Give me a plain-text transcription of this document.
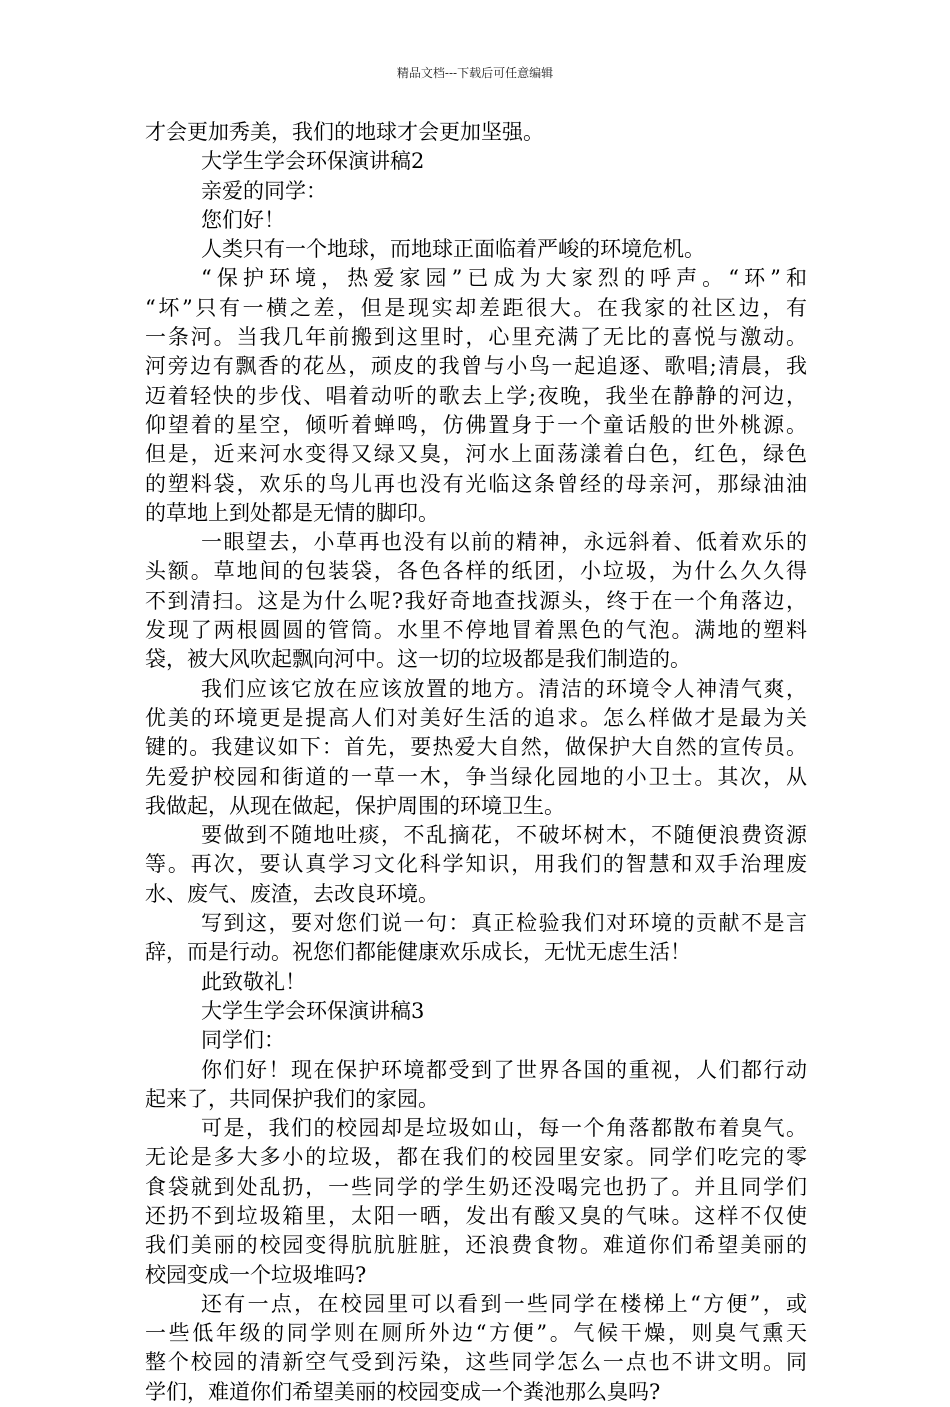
精品文档---下载后可任意编辑
才会更加秀美，我们的地球才会更加坚强。
大学生学会环保演讲稿2
亲爱的同学：
您们好！
人类只有一个地球，而地球正面临着严峻的环境危机。
“保护环境，热爱家园”已成为大家烈的呼声。“环”和
“坏”只有一横之差，但是现实却差距很大。在我家的社区边，有
一条河。当我几年前搬到这里时，心里充满了无比的喜悦与激动。
河旁边有飘香的花丛，顽皮的我曾与小鸟一起追逐、歌唱;清晨，我
迈着轻快的步伐、唱着动听的歌去上学;夜晚，我坐在静静的河边，
仰望着的星空，倾听着蝉鸣，仿佛置身于一个童话般的世外桃源。
但是，近来河水变得又绿又臭，河水上面荡漾着白色，红色，绿色
的塑料袋，欢乐的鸟儿再也没有光临这条曾经的母亲河，那绿油油
的草地上到处都是无情的脚印。
一眼望去，小草再也没有以前的精神，永远斜着、低着欢乐的
头额。草地间的包装袋，各色各样的纸团，小垃圾，为什么久久得
不到清扫。这是为什么呢?我好奇地查找源头，终于在一个角落边，
发现了两根圆圆的管筒。水里不停地冒着黑色的气泡。满地的塑料
袋，被大风吹起飘向河中。这一切的垃圾都是我们制造的。
我们应该它放在应该放置的地方。清洁的环境令人神清气爽，
优美的环境更是提高人们对美好生活的追求。怎么样做才是最为关
键的。我建议如下：首先，要热爱大自然，做保护大自然的宣传员。
先爱护校园和街道的一草一木，争当绿化园地的小卫士。其次，从
我做起，从现在做起，保护周围的环境卫生。
要做到不随地吐痰，不乱摘花，不破坏树木，不随便浪费资源
等。再次，要认真学习文化科学知识，用我们的智慧和双手治理废
水、废气、废渣，去改良环境。
写到这，要对您们说一句：真正检验我们对环境的贡献不是言
辞，而是行动。祝您们都能健康欢乐成长，无忧无虑生活！
此致敬礼！
大学生学会环保演讲稿3
同学们：
你们好！现在保护环境都受到了世界各国的重视，人们都行动
起来了，共同保护我们的家园。
可是，我们的校园却是垃圾如山，每一个角落都散布着臭气。
无论是多大多小的垃圾，都在我们的校园里安家。同学们吃完的零
食袋就到处乱扔，一些同学的学生奶还没喝完也扔了。并且同学们
还扔不到垃圾箱里，太阳一晒，发出有酸又臭的气味。这样不仅使
我们美丽的校园变得肮肮脏脏，还浪费食物。难道你们希望美丽的
校园变成一个垃圾堆吗?
还有一点，在校园里可以看到一些同学在楼梯上“方便”，或
一些低年级的同学则在厕所外边“方便”。气候干燥，则臭气熏天
整个校园的清新空气受到污染，这些同学怎么一点也不讲文明。同
学们，难道你们希望美丽的校园变成一个粪池那么臭吗?
